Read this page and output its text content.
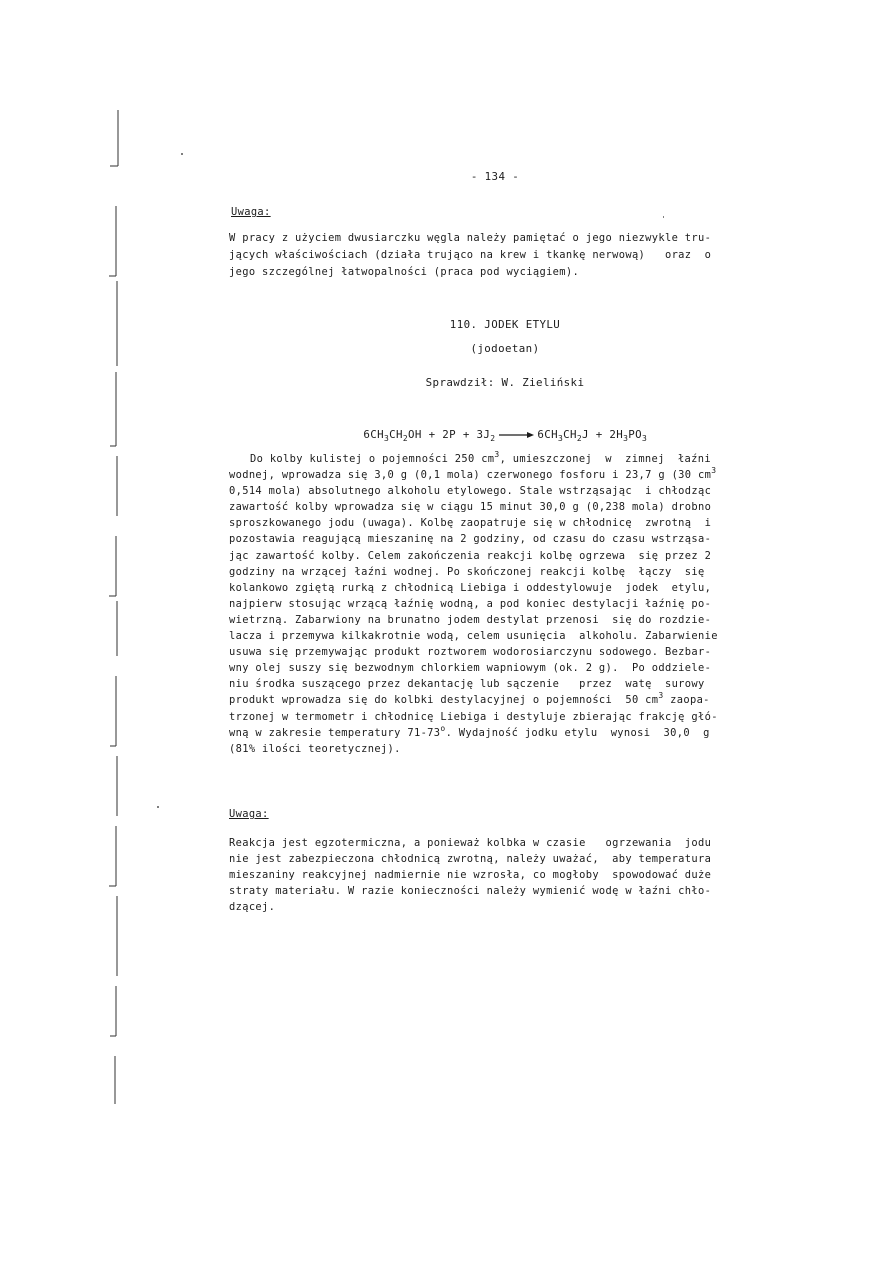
- 134 -
Uwaga:
W pracy z użyciem dwusiarczku węgla należy pamiętać o jego niezwykle tru-
jących właściwościach (działa trująco na krew i tkankę nerwową)   oraz  o
jego szczególnej łatwopalności (praca pod wyciągiem).
110. JODEK ETYLU
(jodoetan)
Sprawdził: W. Zieliński

$6CH_3CH_2OH + 2P + 3J_2 \to 6CH_3CH_2J + 2H_3PO_3$

Do kolby kulistej o pojemności 250 $cm^3$, umieszczonej  w  zimnej  łaźni
wodnej, wprowadza się 3,0 g (0,1 mola) czerwonego fosforu i 23,7 g (30 $cm^3$
0,514 mola) absolutnego alkoholu etylowego. Stale wstrząsając  i chłodząc
zawartość kolby wprowadza się w ciągu 15 minut 30,0 g (0,238 mola) drobno
sproszkowanego jodu (uwaga). Kolbę zaopatruje się w chłodnicę  zwrotną  i
pozostawia reagującą mieszaninę na 2 godziny, od czasu do czasu wstrząsa-
jąc zawartość kolby. Celem zakończenia reakcji kolbę ogrzewa  się przez 2
godziny na wrzącej łaźni wodnej. Po skończonej reakcji kolbę  łączy  się
kolankowo zgiętą rurką z chłodnicą Liebiga i oddestylowuje  jodek  etylu,
najpierw stosując wrzącą łaźnię wodną, a pod koniec destylacji łaźnię po-
wietrzną. Zabarwiony na brunatno jodem destylat przenosi  się do rozdzie-
lacza i przemywa kilkakrotnie wodą, celem usunięcia  alkoholu. Zabarwienie
usuwa się przemywając produkt roztworem wodorosiarczynu sodowego. Bezbar-
wny olej suszy się bezwodnym chlorkiem wapniowym (ok. 2 g).  Po oddziele-
niu środka suszącego przez dekantację lub sączenie   przez  watę  surowy
produkt wprowadza się do kolbki destylacyjnej o pojemności  50 $cm^3$ zaopa-
trzonej w termometr i chłodnicę Liebiga i destyluje zbierając frakcję głó-
wną w zakresie temperatury 71-73$^o$. Wydajność jodku etylu  wynosi  30,0  g
(81% ilości teoretycznej).
Uwaga:
Reakcja jest egzotermiczna, a ponieważ kolbka w czasie   ogrzewania  jodu
nie jest zabezpieczona chłodnicą zwrotną, należy uważać,  aby temperatura
mieszaniny reakcyjnej nadmiernie nie wzrosła, co mogłoby  spowodować duże
straty materiału. W razie konieczności należy wymienić wodę w łaźni chło-
dzącej.
